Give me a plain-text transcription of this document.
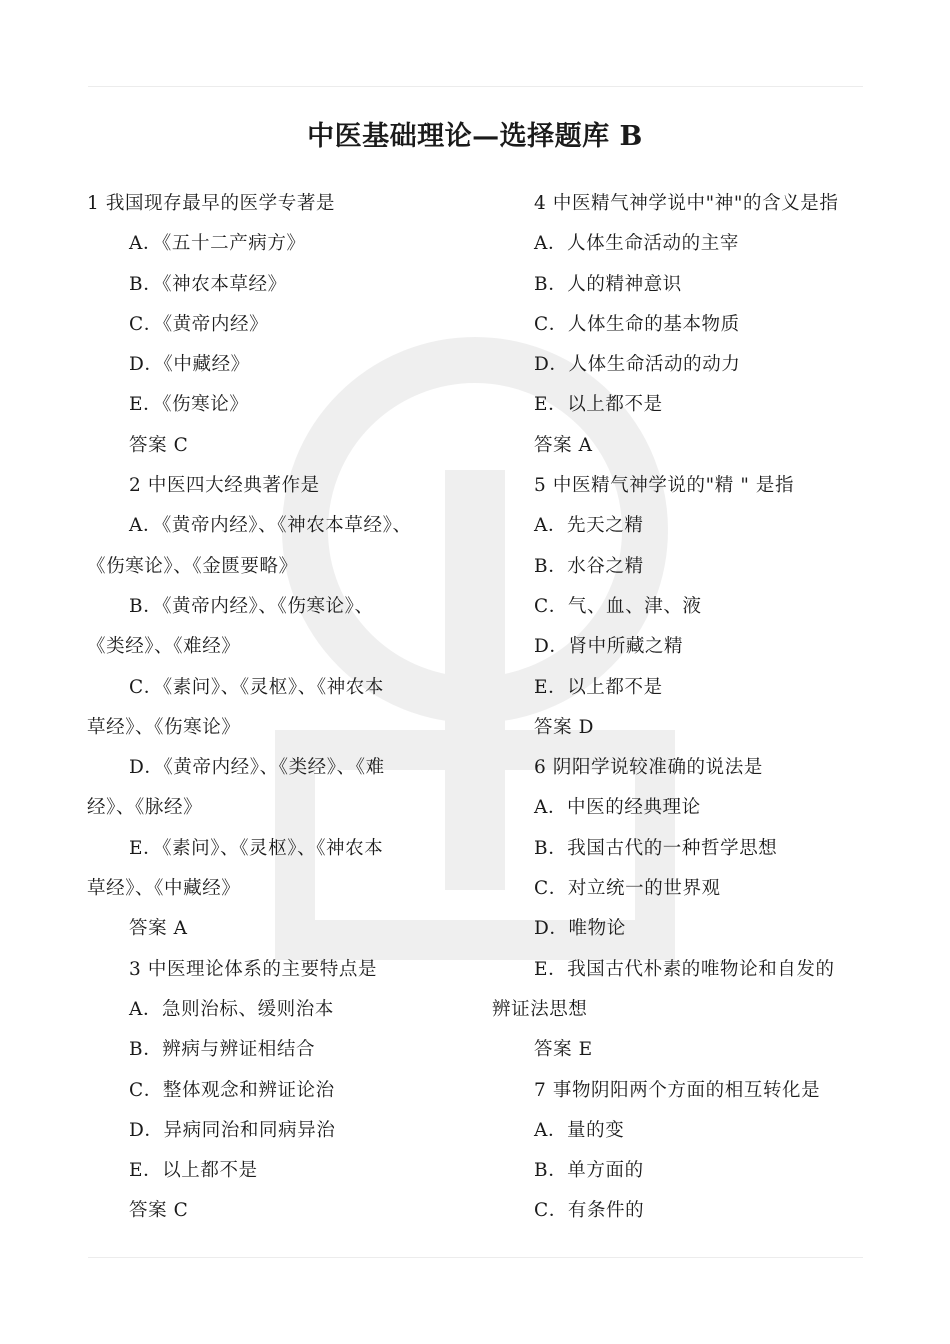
中医基础理论—选择题库 B
1 我国现存最早的医学专著是
A．《五十二产病方》
B．《神农本草经》
C．《黄帝内经》
D．《中藏经》
E．《伤寒论》
答案 C
2 中医四大经典著作是
A．《黄帝内经》、《神农本草经》、
《伤寒论》、《金匮要略》
B．《黄帝内经》、《伤寒论》、
《类经》、《难经》
C．《素问》、《灵枢》、《神农本
草经》、《伤寒论》
D．《黄帝内经》、《类经》、《难
经》、《脉经》
E．《素问》、《灵枢》、《神农本
草经》、《中藏经》
答案 A
3 中医理论体系的主要特点是
A．急则治标、缓则治本
B．辨病与辨证相结合
C．整体观念和辨证论治
D．异病同治和同病异治
E．以上都不是
答案 C
4 中医精气神学说中"神"的含义是指
A．人体生命活动的主宰
B．人的精神意识
C．人体生命的基本物质
D．人体生命活动的动力
E．以上都不是
答案 A
5 中医精气神学说的"精 " 是指
A．先天之精
B．水谷之精
C．气、血、津、液
D．肾中所藏之精
E．以上都不是
答案 D
6 阴阳学说较准确的说法是
A．中医的经典理论
B．我国古代的一种哲学思想
C．对立统一的世界观
D．唯物论
E．我国古代朴素的唯物论和自发的
辨证法思想
答案 E
7 事物阴阳两个方面的相互转化是
A．量的变
B．单方面的
C．有条件的
